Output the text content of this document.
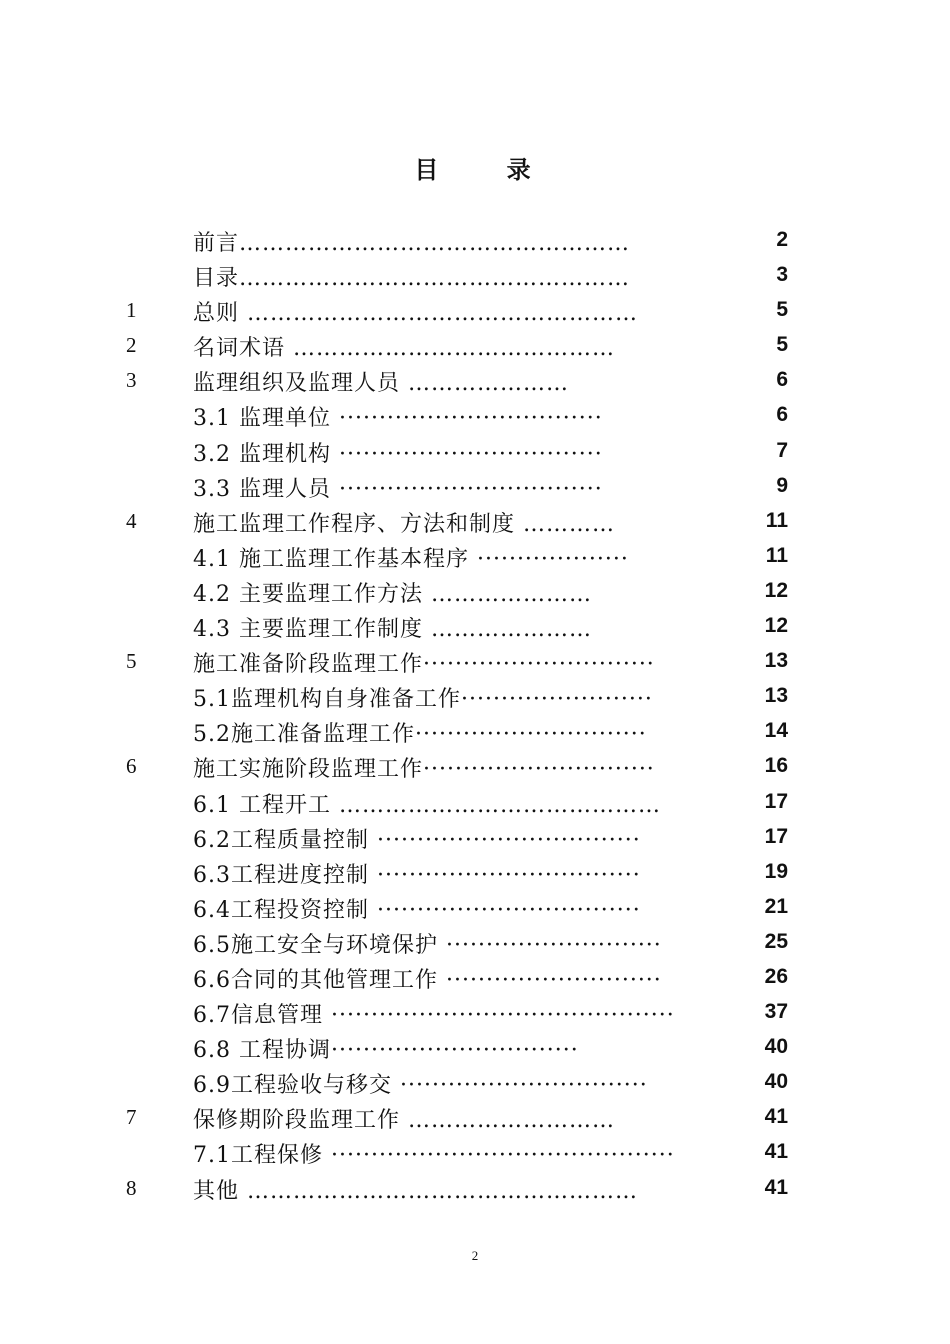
目 录
前言……………………………………………	2
目录……………………………………………	3
1	总则 ……………………………………………	5
2	名词术语 ……………………………………	5
3	监理组织及监理人员 …………………	6
3.1 监理单位 ·································	6
3.2 监理机构 ·································	7
3.3 监理人员 ·································	9
4	施工监理工作程序、方法和制度 …………	11
4.1 施工监理工作基本程序 ···················	11
4.2 主要监理工作方法 …………………	12
4.3 主要监理工作制度 …………………	12
5	施工准备阶段监理工作·····························	13
5.1监理机构自身准备工作························	13
5.2施工准备监理工作·····························	14
6	施工实施阶段监理工作·····························	16
6.1 工程开工 ……………………………………	17
6.2工程质量控制 ·································	17
6.3工程进度控制 ·································	19
6.4工程投资控制 ·································	21
6.5施工安全与环境保护 ···························	25
6.6合同的其他管理工作 ···························	26
6.7信息管理 ···········································	37
6.8 工程协调·······························	40
6.9工程验收与移交 ·······························	40
7	保修期阶段监理工作 ………………………	41
7.1工程保修 ···········································	41
8	其他 ……………………………………………	41
2
